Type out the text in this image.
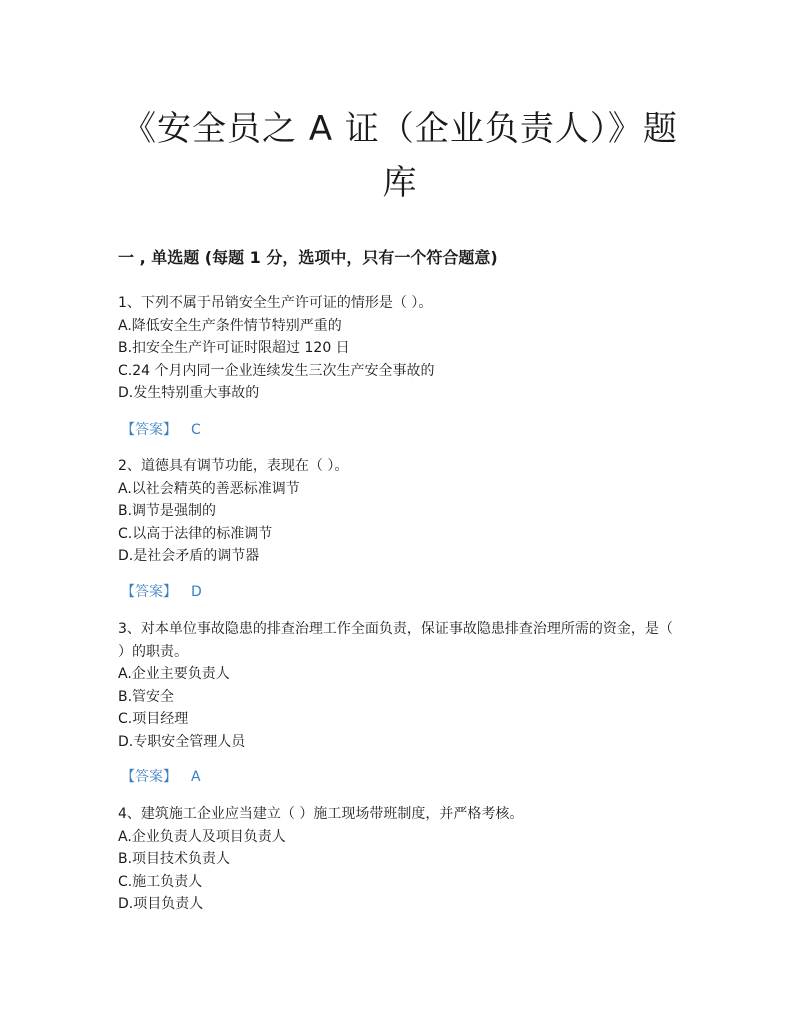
《安全员之 A 证（企业负责人）》题库
一 , 单选题 (每题 1 分，选项中，只有一个符合题意)
1、下列不属于吊销安全生产许可证的情形是（ ）。
A.降低安全生产条件情节特别严重的
B.扣安全生产许可证时限超过 120 日
C.24 个月内同一企业连续发生三次生产安全事故的
D.发生特别重大事故的
【答案】 C
2、道德具有调节功能，表现在（ ）。
A.以社会精英的善恶标准调节
B.调节是强制的
C.以高于法律的标准调节
D.是社会矛盾的调节器
【答案】 D
3、对本单位事故隐患的排查治理工作全面负责，保证事故隐患排查治理所需的资金，是（ ）的职责。
A.企业主要负责人
B.管安全
C.项目经理
D.专职安全管理人员
【答案】 A
4、建筑施工企业应当建立（ ）施工现场带班制度，并严格考核。
A.企业负责人及项目负责人
B.项目技术负责人
C.施工负责人
D.项目负责人
